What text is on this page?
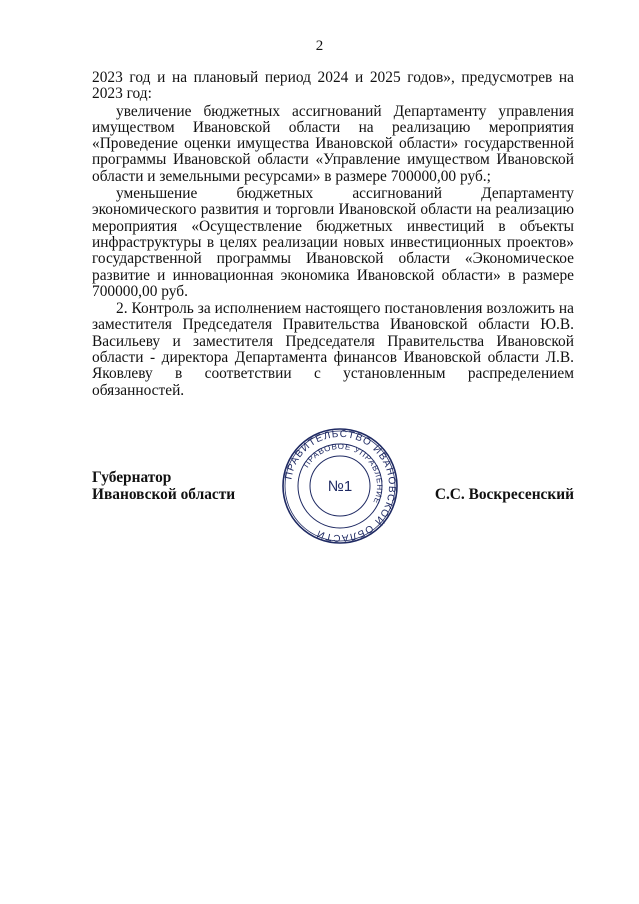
2

2023 год и на плановый период 2024 и 2025 годов», предусмотрев на 2023 год:

увеличение бюджетных ассигнований Департаменту управления имуществом Ивановской области на реализацию мероприятия «Проведение оценки имущества Ивановской области» государственной программы Ивановской области «Управление имуществом Ивановской области и земельными ресурсами» в размере 700000,00 руб.;

уменьшение бюджетных ассигнований Департаменту экономического развития и торговли Ивановской области на реализацию мероприятия «Осуществление бюджетных инвестиций в объекты инфраструктуры в целях реализации новых инвестиционных проектов» государственной программы Ивановской области «Экономическое развитие и инновационная экономика Ивановской области» в размере 700000,00 руб.

2. Контроль за исполнением настоящего постановления возложить на заместителя Председателя Правительства Ивановской области Ю.В. Васильеву и заместителя Председателя Правительства Ивановской области - директора Департамента финансов Ивановской области Л.В. Яковлеву в соответствии с установленным распределением обязанностей.

Губернатор
Ивановской области	С.С. Воскресенский
ПРАВИТЕЛЬСТВО ИВАНОВСКОЙ ОБЛАСТИ
ПРАВОВОЕ УПРАВЛЕНИЕ
№1
